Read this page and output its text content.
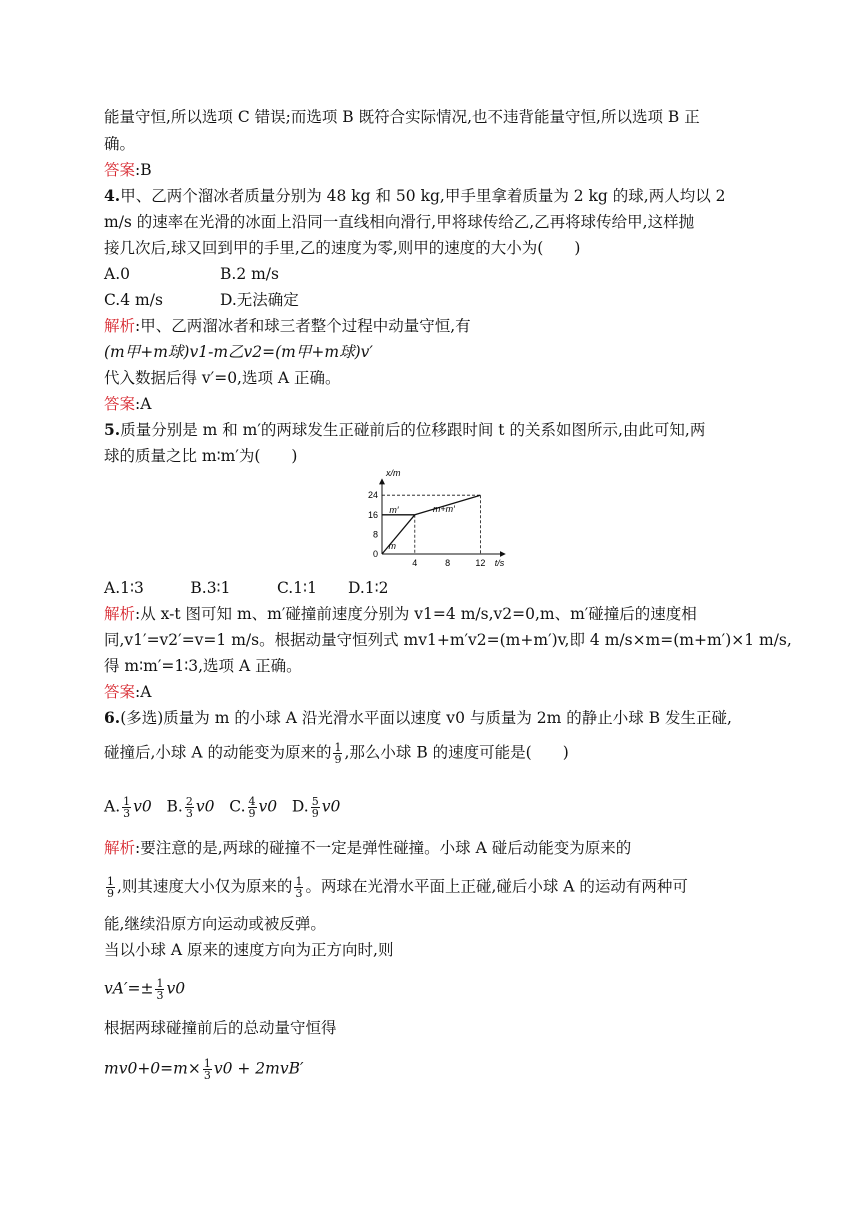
能量守恒,所以选项 C 错误;而选项 B 既符合实际情况,也不违背能量守恒,所以选项 B 正
确。
答案:B
4.甲、乙两个溜冰者质量分别为 48 kg 和 50 kg,甲手里拿着质量为 2 kg 的球,两人均以 2
m/s 的速率在光滑的冰面上沿同一直线相向滑行,甲将球传给乙,乙再将球传给甲,这样抛
接几次后,球又回到甲的手里,乙的速度为零,则甲的速度的大小为(　　)
A.0	B.2 m/s
C.4 m/s	D.无法确定
解析:甲、乙两溜冰者和球三者整个过程中动量守恒,有
(m甲+m球)v1-m乙v2=(m甲+m球)v′
代入数据后得 v′=0,选项 A 正确。
答案:A
5.质量分别是 m 和 m′的两球发生正碰前后的位移跟时间 t 的关系如图所示,由此可知,两
球的质量之比 m∶m′为(　　)
x/m
t/s
0
8
16
24
4	8	12
m
m′	m+m′
A.1∶3　　　B.3∶1　　　C.1∶1　　D.1∶2
解析:从 x-t 图可知 m、m′碰撞前速度分别为 v1=4 m/s,v2=0,m、m′碰撞后的速度相
同,v1′=v2′=v=1 m/s。根据动量守恒列式 mv1+m′v2=(m+m′)v,即 4 m/s×m=(m+m′)×1 m/s,
得 m∶m′=1∶3,选项 A 正确。
答案:A
6.(多选)质量为 m 的小球 A 沿光滑水平面以速度 v0 与质量为 2m 的静止小球 B 发生正碰,
碰撞后,小球 A 的动能变为原来的 $\frac{1}{9}$ ,那么小球 B 的速度可能是(　　)
A. $\frac{1}{3} v0$ B. $\frac{2}{3} v0$ C. $\frac{4}{9} v0$ D. $\frac{5}{9} v0$
解析:要注意的是,两球的碰撞不一定是弹性碰撞。小球 A 碰后动能变为原来的
$\frac{1}{9}$ ,则其速度大小仅为原来的 $\frac{1}{3}$ 。两球在光滑水平面上正碰,碰后小球 A 的运动有两种可
能,继续沿原方向运动或被反弹。
当以小球 A 原来的速度方向为正方向时,则
$vA'=\pm \frac{1}{3} v0$
根据两球碰撞前后的总动量守恒得
$mv0+0=m\times \frac{1}{3} v0 + 2mvB'$
